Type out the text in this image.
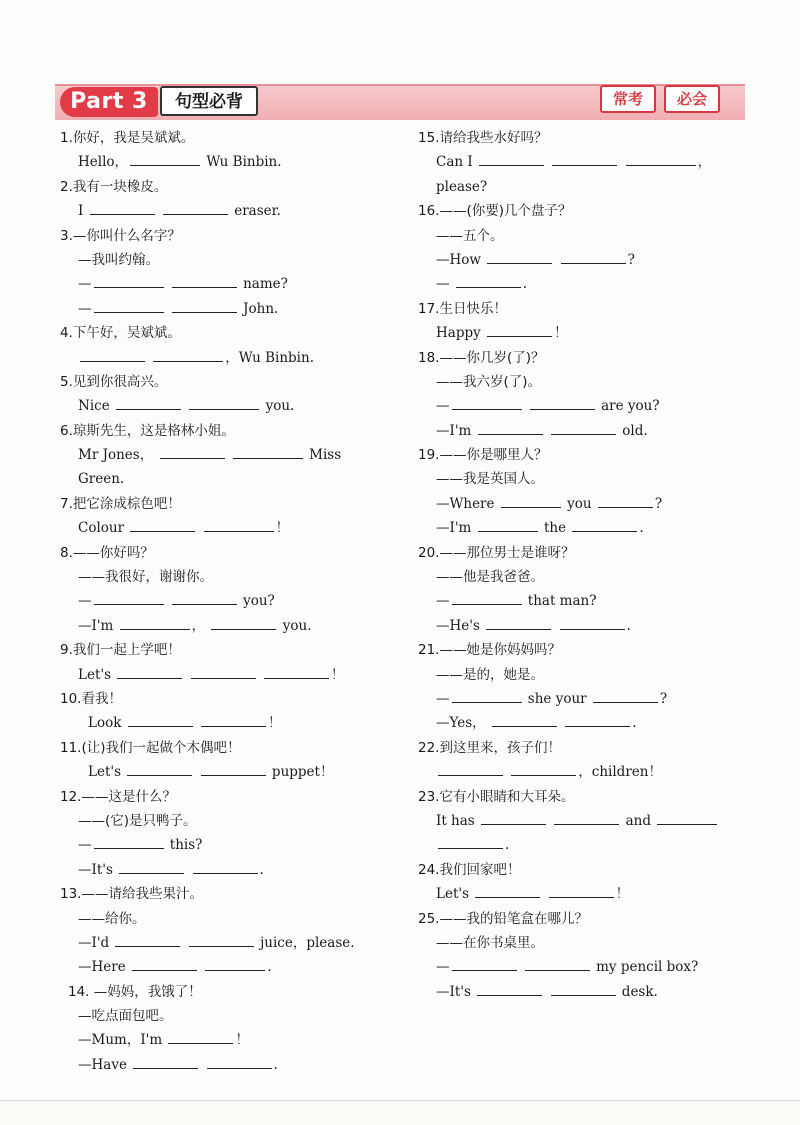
Part 3	句型必背	常考	必会
1.你好，我是吴斌斌。
Hello，	Wu Binbin.
2.我有一块橡皮。
I	eraser.
3.—你叫什么名字？
—我叫约翰。
—	name?
—	John.
4.下午好，吴斌斌。
，Wu Binbin.
5.见到你很高兴。
Nice	you.
6.琼斯先生，这是格林小姐。
Mr Jones，	Miss
Green.
7.把它涂成棕色吧！
Colour	！
8.——你好吗？
——我很好，谢谢你。
—	you?
—I'm	，	you.
9.我们一起上学吧！
Let's	！
10.看我！
Look	！
11.(让)我们一起做个木偶吧！
Let's	puppet！
12.——这是什么？
——(它)是只鸭子。
—	this?
—It's	.
13.——请给我些果汁。
——给你。
—I'd	juice，please.
—Here	.
14. —妈妈，我饿了！
—吃点面包吧。
—Mum，I'm	！
—Have	.
15.请给我些水好吗？
Can I	，
please?
16.——(你要)几个盘子？
——五个。
—How	?
—	.
17.生日快乐！
Happy	！
18.——你几岁(了)？
——我六岁(了)。
—	are you?
—I'm	old.
19.——你是哪里人？
——我是英国人。
—Where	you	?
—I'm	the	.
20.——那位男士是谁呀？
——他是我爸爸。
—	that man?
—He's	.
21.——她是你妈妈吗？
——是的，她是。
—	she your	?
—Yes，	.
22.到这里来，孩子们！
，children！
23.它有小眼睛和大耳朵。
It has	and
.
24.我们回家吧！
Let's	！
25.——我的铅笔盒在哪儿？
——在你书桌里。
—	my pencil box?
—It's	desk.
